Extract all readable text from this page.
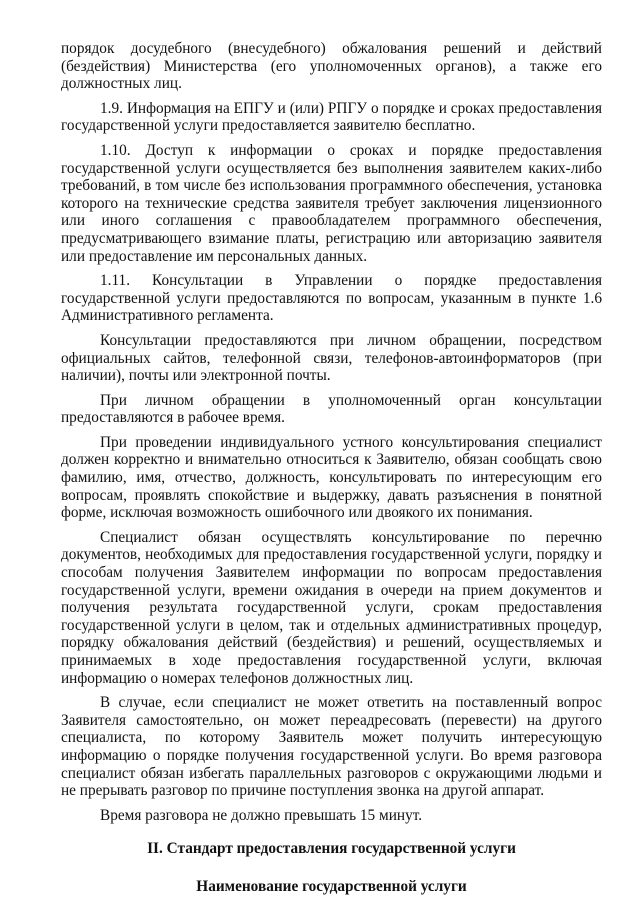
порядок досудебного (внесудебного) обжалования решений и действий (бездействия) Министерства (его уполномоченных органов), а также его должностных лиц.

1.9. Информация на ЕПГУ и (или) РПГУ о порядке и сроках предоставления государственной услуги предоставляется заявителю бесплатно.

1.10. Доступ к информации о сроках и порядке предоставления государственной услуги осуществляется без выполнения заявителем каких-либо требований, в том числе без использования программного обеспечения, установка которого на технические средства заявителя требует заключения лицензионного или иного соглашения с правообладателем программного обеспечения, предусматривающего взимание платы, регистрацию или авторизацию заявителя или предоставление им персональных данных.

1.11. Консультации в Управлении о порядке предоставления государственной услуги предоставляются по вопросам, указанным в пункте 1.6 Административного регламента.

Консультации предоставляются при личном обращении, посредством официальных сайтов, телефонной связи, телефонов-автоинформаторов (при наличии), почты или электронной почты.

При личном обращении в уполномоченный орган консультации предоставляются в рабочее время.

При проведении индивидуального устного консультирования специалист должен корректно и внимательно относиться к Заявителю, обязан сообщать свою фамилию, имя, отчество, должность, консультировать по интересующим его вопросам, проявлять спокойствие и выдержку, давать разъяснения в понятной форме, исключая возможность ошибочного или двоякого их понимания.

Специалист обязан осуществлять консультирование по перечню документов, необходимых для предоставления государственной услуги, порядку и способам получения Заявителем информации по вопросам предоставления государственной услуги, времени ожидания в очереди на прием документов и получения результата государственной услуги, срокам предоставления государственной услуги в целом, так и отдельных административных процедур, порядку обжалования действий (бездействия) и решений, осуществляемых и принимаемых в ходе предоставления государственной услуги, включая информацию о номерах телефонов должностных лиц.

В случае, если специалист не может ответить на поставленный вопрос Заявителя самостоятельно, он может переадресовать (перевести) на другого специалиста, по которому Заявитель может получить интересующую информацию о порядке получения государственной услуги. Во время разговора специалист обязан избегать параллельных разговоров с окружающими людьми и не прерывать разговор по причине поступления звонка на другой аппарат.

Время разговора не должно превышать 15 минут.

II. Стандарт предоставления государственной услуги
Наименование государственной услуги
